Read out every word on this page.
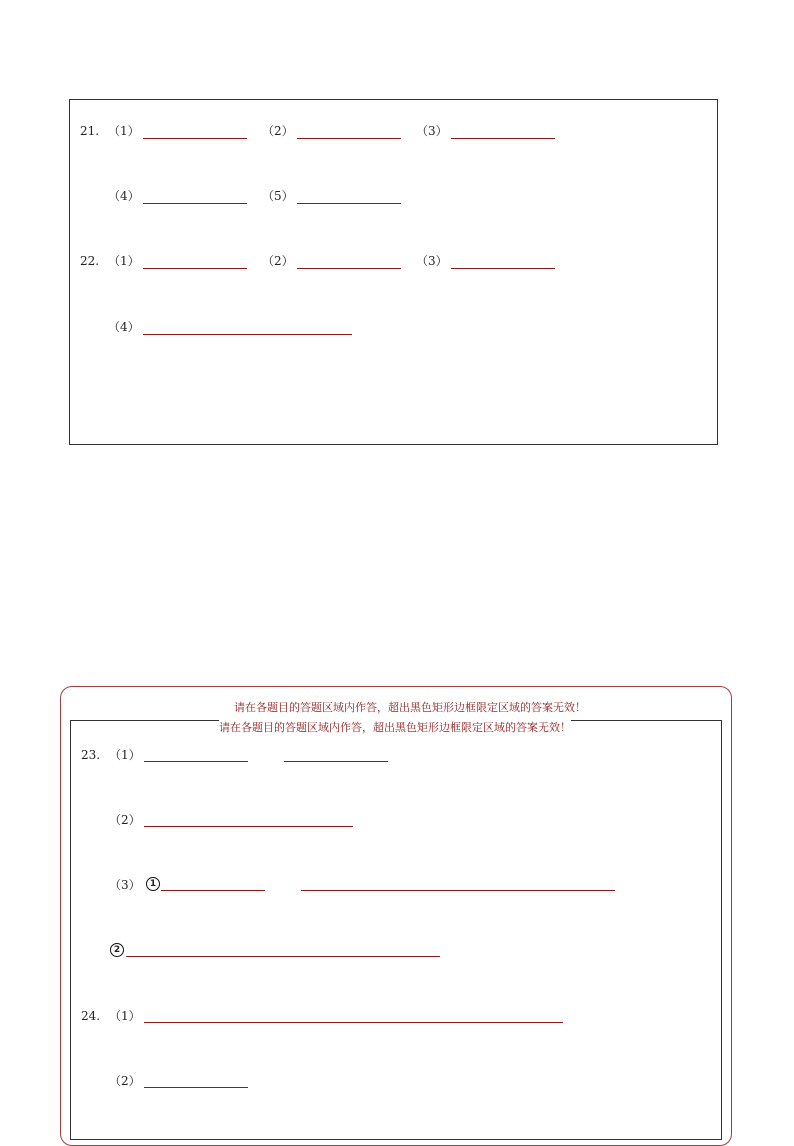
21. （1）	（2）	（3）
（4）	（5）
22. （1）	（2）	（3）
（4）
请在各题目的答题区域内作答，超出黑色矩形边框限定区域的答案无效！
请在各题目的答题区域内作答，超出黑色矩形边框限定区域的答案无效！
23. （1）
（2）
（3）	1
2
24. （1）
（2）
